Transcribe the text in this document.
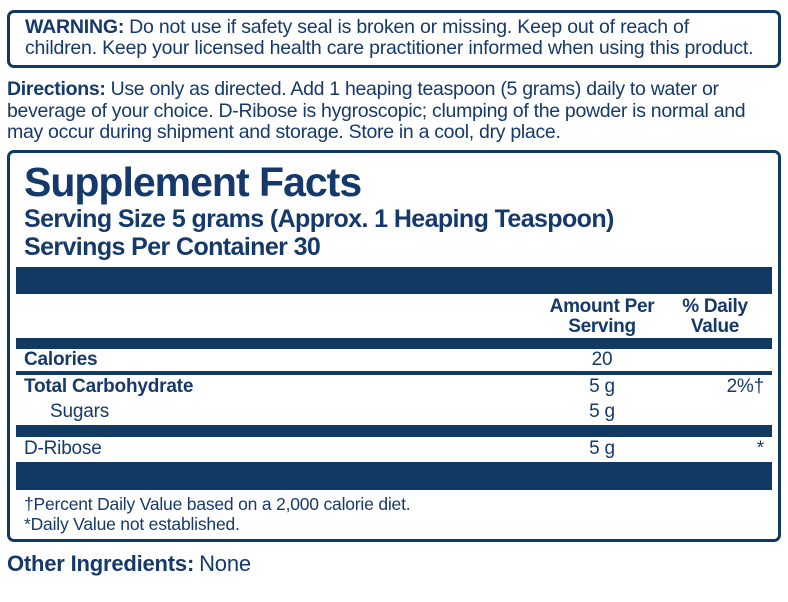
WARNING: Do not use if safety seal is broken or missing. Keep out of reach of children. Keep your licensed health care practitioner informed when using this product.
Directions: Use only as directed. Add 1 heaping teaspoon (5 grams) daily to water or beverage of your choice. D-Ribose is hygroscopic; clumping of the powder is normal and may occur during shipment and storage. Store in a cool, dry place.
Supplement Facts
Serving Size 5 grams (Approx. 1 Heaping Teaspoon)
Servings Per Container 30
Amount Per Serving
% Daily Value
Calories	20
Total Carbohydrate	5 g	2%†
Sugars	5 g
D-Ribose	5 g	*
†Percent Daily Value based on a 2,000 calorie diet.
*Daily Value not established.
Other Ingredients: None
